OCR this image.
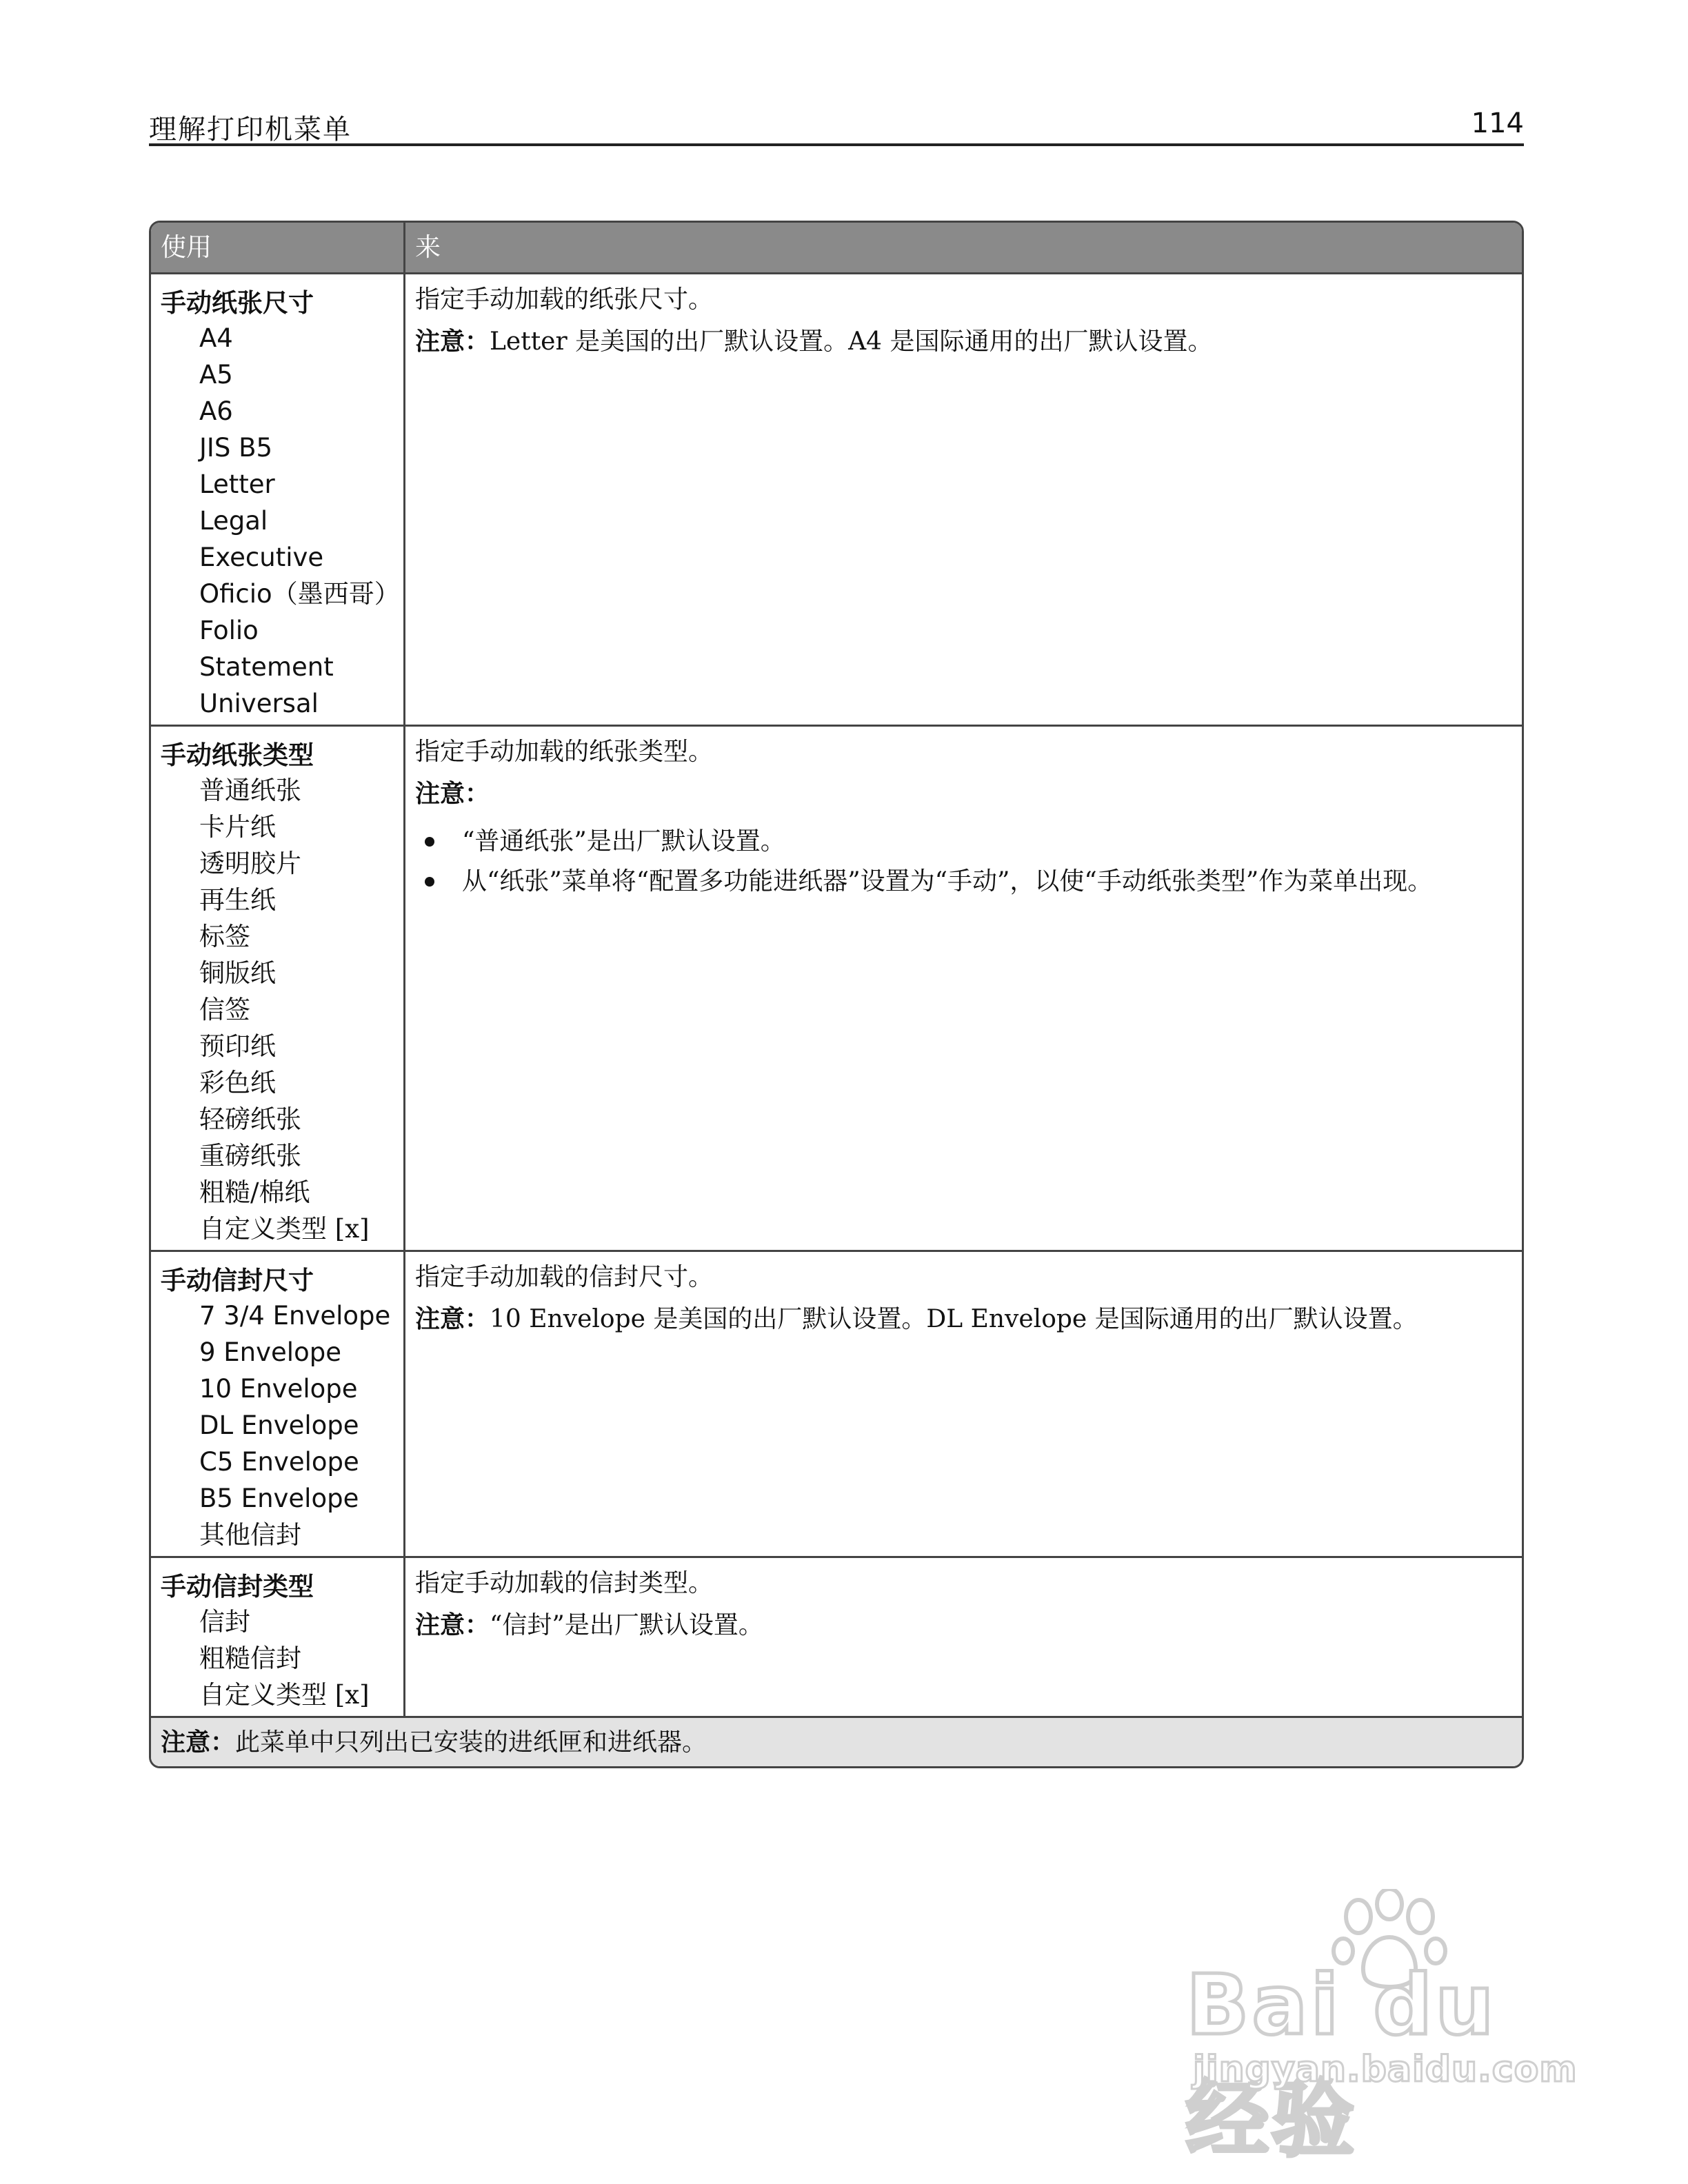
理解打印机菜单	114
使用	来
手动纸张尺寸
A4
A5
A6
JIS B5
Letter
Legal
Executive
Oficio（墨西哥）
Folio
Statement
Universal

指定手动加载的纸张尺寸。

注意：Letter 是美国的出厂默认设置。A4 是国际通用的出厂默认设置。

手动纸张类型
普通纸张
卡片纸
透明胶片
再生纸
标签
铜版纸
信签
预印纸
彩色纸
轻磅纸张
重磅纸张
粗糙/棉纸
自定义类型 [x]

指定手动加载的纸张类型。

注意：

“普通纸张”是出厂默认设置。
从“纸张”菜单将“配置多功能进纸器”设置为“手动”，以使“手动纸张类型”作为菜单出现。
手动信封尺寸
7 3/4 Envelope
9 Envelope
10 Envelope
DL Envelope
C5 Envelope
B5 Envelope
其他信封

指定手动加载的信封尺寸。

注意：10 Envelope 是美国的出厂默认设置。DL Envelope 是国际通用的出厂默认设置。

手动信封类型
信封
粗糙信封
自定义类型 [x]

指定手动加载的信封类型。

注意：“信封”是出厂默认设置。

注意：此菜单中只列出已安装的进纸匣和进纸器。
Bai du 经验
jingyan.baidu.com
